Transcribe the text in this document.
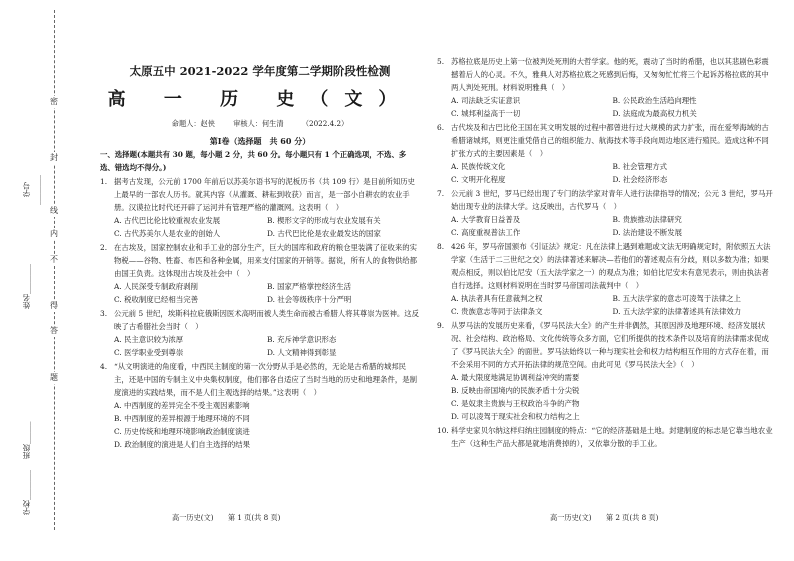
学号________
姓名________
班级______
学校________
密
封
线
内
不
得
答
题
太原五中 2021-2022 学年度第二学期阶段性检测
高 一 历 史（文）
命题人：赵侠	审核人：何生清	（2022.4.2）
第Ⅰ卷（选择题　共 60 分）
一、选择题(本题共有 30 题，每小题 2 分，共 60 分。每小题只有 1 个正确选项，不选、多选、错选均不得分。)
1. 据考古发现，公元前 1700 年前后以苏美尔语书写的泥板历书（共 109 行）是目前所知历史上最早的一部农人历书。就其内容（从灌溉、耕耘到收获）而言，是一部小自耕农的农业手册。汉谟拉比时代还开辟了运河并有管理严格的灌溉网。这表明（　）
A. 古代巴比伦比较重视农业发展	B. 楔形文字的形成与农业发展有关
C. 古代苏美尔人是农业的创始人	D. 古代巴比伦是农业最发达的国家
2. 在古埃及，国家控制农业和手工业的部分生产，巨大的国库和政府的粮仓里装满了征收来的实物税——谷物、牲畜、布匹和各种金属，用来支付国家的开销等。据说，所有人的食物供给都由国王负责。这体现出古埃及社会中（　）
A. 人民深受专制政府剥削	B. 国家严格掌控经济生活
C. 税收制度已经相当完善	D. 社会等级秩序十分严明
3. 公元前 5 世纪，埃斯科拉庇俄斯因医术高明而被人类生命而被古希腊人将其尊崇为医神。这反映了古希腊社会当时（　）
A. 民主意识较为浓厚	B. 充斥神学意识形态
C. 医学职业受到尊崇	D. 人文精神得到彰显
4. “从文明演进的角度看，中西民主制度的第一次分野从手是必然的，无论是古希腊的城邦民主，还是中国的专制主义中央集权制度，他们都各自适应了当时当地的历史和地理条件，是制度演进的实践结果，而不是人们主观选择的结果。”这表明（　）
A. 中西制度的差异完全不受主观因素影响
B. 中西制度的差异根源于地理环境的不同
C. 历史传统和地理环境影响政治制度演进
D. 政治制度的演进是人们自主选择的结果
5. 苏格拉底是历史上第一位被判处死刑的大哲学家。他的死，震动了当时的希腊，也以其悲剧色彩震撼着后人的心灵。不久，雅典人对苏格拉底之死感到后悔，又匆匆忙忙将三个起诉苏格拉底的其中两人判处死刑。材料说明雅典（　）
A. 司法缺乏实证意识	B. 公民政治生活趋向理性
C. 城邦利益高于一切	D. 法庭成为最高权力机关
6. 古代埃及和古巴比伦王国在其文明发展的过程中都曾进行过大规模的武力扩张，而在爱琴海域的古希腊诸城邦，则更注重凭借自己的组织能力、航海技术等手段向周边地区进行殖民。造成这种不同扩张方式的主要因素是（　）
A. 民族传统文化	B. 社会管理方式
C. 文明开化程度	D. 社会经济形态
7. 公元前 3 世纪，罗马已经出现了专门的法学家对青年人进行法律指导的情况；公元 3 世纪，罗马开始出现专业的法律大学。这反映出，古代罗马（　）
A. 大学教育日益普及	B. 贵族推动法律研究
C. 高度重视普法工作	D. 法治建设不断发展
8. 426 年，罗马帝国颁布《引证法》规定：凡在法律上遇到难题或文法无明确规定时，附依照五大法学家（生活于二三世纪之交）的法律著述来解决—若他们的著述观点有分歧，则以多数为准；如果观点相反，则以伯比尼安（五大法学家之一）的观点为准；如伯比尼安未有意见表示，则由执法者自行选择。这则材料说明在当时罗马帝国司法裁判中（　）
A. 执法者具有任意裁判之权	B. 五大法学家的意志可凌驾于法律之上
C. 贵族意志等同于法律条文	D. 五大法学家的法律著述具有法律效力
9. 从罗马法的发展历史来看，《罗马民法大全》的产生并非偶然，其原因涉及地理环境、经济发展状况、社会结构、政治格局、文化传统等众多方面，它们所提供的技术条件以及培育的法律需求促成了《罗马民法大全》的面世。罗马法始终以一种与现实社会和权力结构相互作用的方式存在着，而不会采用不同的方式开拓法律的规范空间。由此可见《罗马民法大全》（　）
A. 最大限度地满足协调利益冲突的需要
B. 反映由帝国境内的民族矛盾十分尖锐
C. 是奴隶主贵族与王权政治斗争的产物
D. 可以凌驾于现实社会和权力结构之上
10. 科学史家贝尔纳这样归纳庄园制度的特点：“它的经济基础是土地。封建制度的标志是它靠当地农业生产（这种生产品大都是就地消费掉的），又依靠分散的手工业。
高一历史(文) 第 1 页(共 8 页)	高一历史(文) 第 2 页(共 8 页)
